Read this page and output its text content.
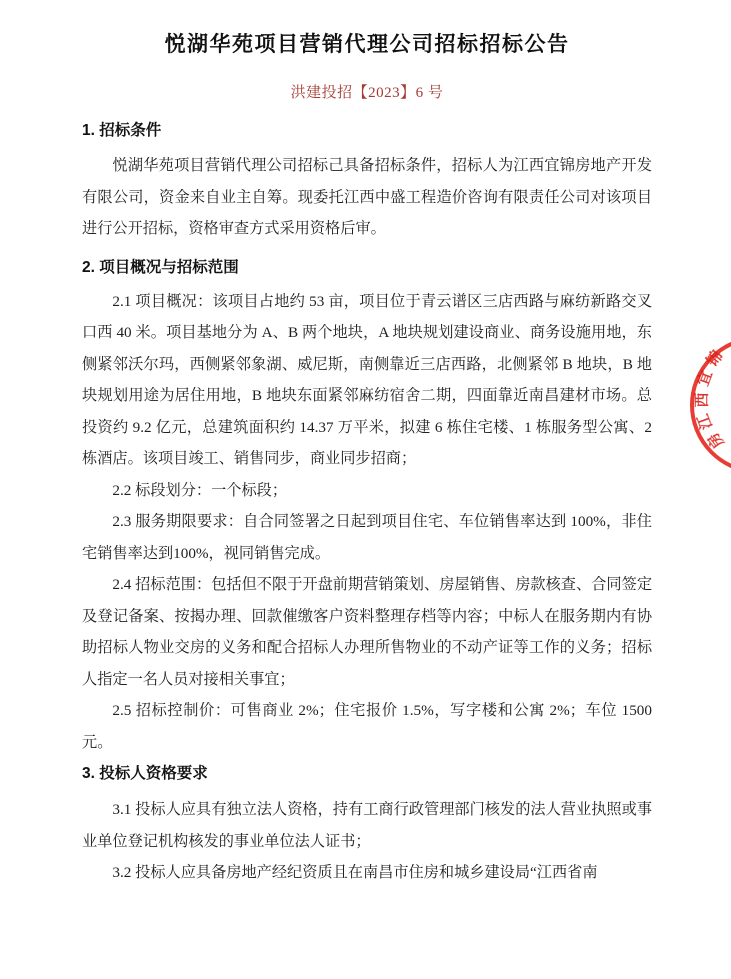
悦湖华苑项目营销代理公司招标招标公告
洪建投招【2023】6 号
1. 招标条件

悦湖华苑项目营销代理公司招标己具备招标条件，招标人为江西宜锦房地产开发有限公司，资金来自业主自筹。现委托江西中盛工程造价咨询有限责任公司对该项目进行公开招标，资格审查方式采用资格后审。

2. 项目概况与招标范围

2.1 项目概况：该项目占地约 53 亩，项目位于青云谱区三店西路与麻纺新路交叉口西 40 米。项目基地分为 A、B 两个地块，A 地块规划建设商业、商务设施用地，东侧紧邻沃尔玛，西侧紧邻象湖、威尼斯，南侧靠近三店西路，北侧紧邻 B 地块，B 地块规划用途为居住用地，B 地块东面紧邻麻纺宿舍二期，四面靠近南昌建材市场。总投资约 9.2 亿元，总建筑面积约 14.37 万平米，拟建 6 栋住宅楼、1 栋服务型公寓、2 栋酒店。该项目竣工、销售同步，商业同步招商；

2.2 标段划分：一个标段；

2.3 服务期限要求：自合同签署之日起到项目住宅、车位销售率达到 100%，非住宅销售率达到100%，视同销售完成。

2.4 招标范围：包括但不限于开盘前期营销策划、房屋销售、房款核查、合同签定及登记备案、按揭办理、回款催缴客户资料整理存档等内容；中标人在服务期内有协助招标人物业交房的义务和配合招标人办理所售物业的不动产证等工作的义务；招标人指定一名人员对接相关事宜；

2.5 招标控制价：可售商业 2%；住宅报价 1.5%，写字楼和公寓 2%；车位 1500 元。

3. 投标人资格要求

3.1 投标人应具有独立法人资格，持有工商行政管理部门核发的法人营业执照或事业单位登记机构核发的事业单位法人证书；

3.2 投标人应具备房地产经纪资质且在南昌市住房和城乡建设局“江西省南

锦
宜
西
江
房
